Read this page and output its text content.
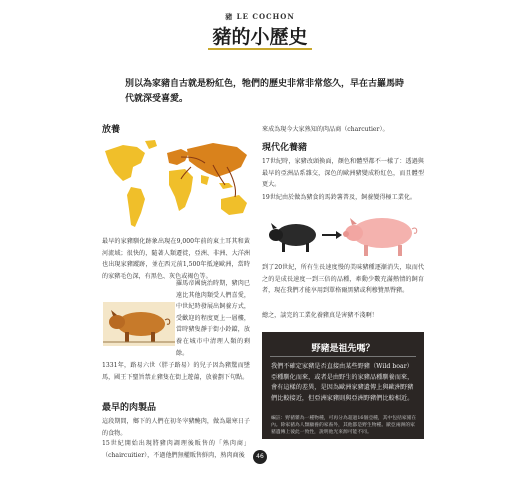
豬 LE COCHON
豬的小歷史
別以為家豬自古就是粉紅色，牠們的歷史非常非常悠久，早在古羅馬時代就深受喜愛。
放養
最早的家豬馴化跡象出現在9,000年前的東土耳其和黃河流域；很快的，隨著人類遷徙，亞洲、非洲、大洋洲也出現家豬蹤跡，並在西元前1,500年抵達歐洲，當時的家豬毛色深，有黑色、灰色或褐色等。
羅馬帝國統治時期，豬肉已遠比其他肉類受人們喜愛，中世紀時發展出飼養方式，受歡迎的程度更上一層樓，當時豬隻靜于街小鈴鐺，放養在城市中清理人類的剩餘。
1331年，路易六世（胖子路易）的兒子因為豬驚而墜馬，國王下聖旨禁止豬隻在街上遊蕩，放養劃下句點。
最早的肉製品
這段期間，鄉下的人們在初冬宰豬醃肉，做為嚴寒日子的食物。
15世紀開始出現將豬肉調理後販售的「熟肉商」（chaircuitier），不過他們無權販售鮮肉，熟肉商後
來成為現今大家熟知的肉品商（charcutier）。
現代化養豬
17世紀時，家豬改頭換面，顏色和體型都不一樣了：透過與最早的亞洲品系雜交，深色的歐洲豬變成粉紅色，而且體型更大。
19世紀由於做為豬食的馬鈴薯普及，飼養變得極工業化。
到了20世紀，所有生長速度慢的美味豬種逐漸消失，取而代之的是成長速度一到三倍的品種，牽動少數充滿熱情的飼育者，現在我們才能享用到單格爾黑豬或利穆贊黑臀豬。
總之，談完的工業化養豬真是害豬不淺啊！
野豬是祖先嗎？
我們不確定家豬是否直接由某些野豬（Wild boar）亞種馴化而來，或者是由野生的家豬品種馴養而來，會有這樣的差異，是因為歐洲家豬遺傳上與歐洲野豬們比較接近，但亞洲家豬則與亞洲野豬們比較相近。
編註：野豬雜為一種物種，可再分為超過16個亞種，其中包括家豬在內。除家豬為人類顧養的家畜外，其他都是野生物種。歐亞兩洲的家豬遺傳上彼此一致性，說明他光來源可能不同。
46
